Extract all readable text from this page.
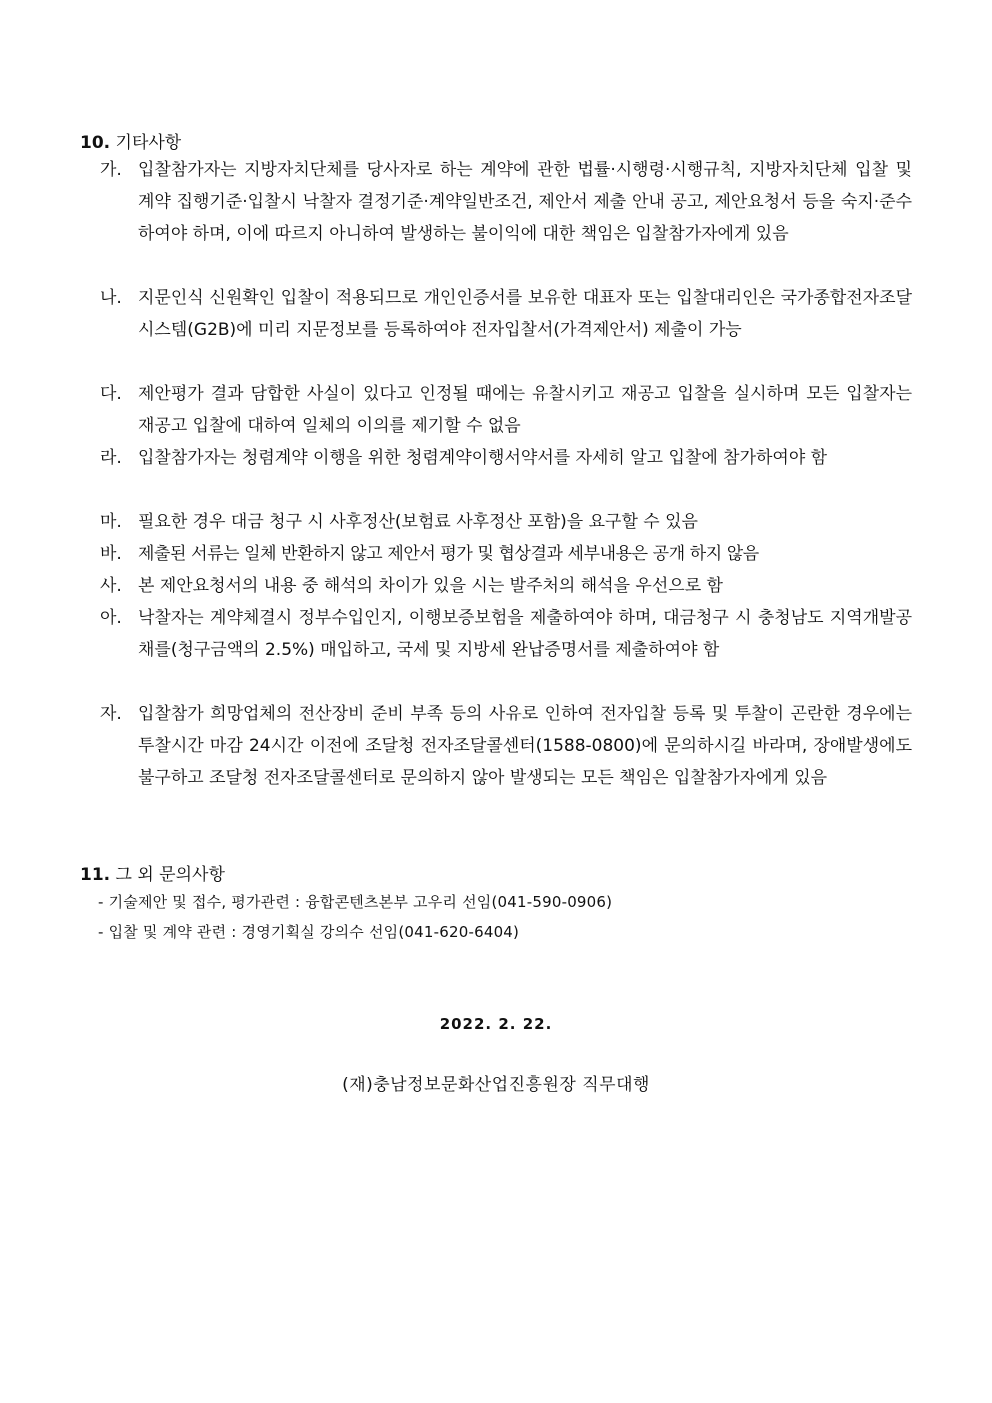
10. 기타사항
가. 입찰참가자는 지방자치단체를 당사자로 하는 계약에 관한 법률·시행령·시행규칙, 지방자치단체 입찰 및 계약 집행기준·입찰시 낙찰자 결정기준·계약일반조건, 제안서 제출 안내 공고, 제안요청서 등을 숙지·준수하여야 하며, 이에 따르지 아니하여 발생하는 불이익에 대한 책임은 입찰참가자에게 있음
나. 지문인식 신원확인 입찰이 적용되므로 개인인증서를 보유한 대표자 또는 입찰대리인은 국가종합전자조달시스템(G2B)에 미리 지문정보를 등록하여야 전자입찰서(가격제안서) 제출이 가능
다. 제안평가 결과 담합한 사실이 있다고 인정될 때에는 유찰시키고 재공고 입찰을 실시하며 모든 입찰자는 재공고 입찰에 대하여 일체의 이의를 제기할 수 없음
라. 입찰참가자는 청렴계약 이행을 위한 청렴계약이행서약서를 자세히 알고 입찰에 참가하여야 함
마. 필요한 경우 대금 청구 시 사후정산(보험료 사후정산 포함)을 요구할 수 있음
바. 제출된 서류는 일체 반환하지 않고 제안서 평가 및 협상결과 세부내용은 공개 하지 않음
사. 본 제안요청서의 내용 중 해석의 차이가 있을 시는 발주처의 해석을 우선으로 함
아. 낙찰자는 계약체결시 정부수입인지, 이행보증보험을 제출하여야 하며, 대금청구 시 충청남도 지역개발공채를(청구금액의 2.5%) 매입하고, 국세 및 지방세 완납증명서를 제출하여야 함
자. 입찰참가 희망업체의 전산장비 준비 부족 등의 사유로 인하여 전자입찰 등록 및 투찰이 곤란한 경우에는 투찰시간 마감 24시간 이전에 조달청 전자조달콜센터(1588-0800)에 문의하시길 바라며, 장애발생에도 불구하고 조달청 전자조달콜센터로 문의하지 않아 발생되는 모든 책임은 입찰참가자에게 있음
11. 그 외 문의사항
- 기술제안 및 접수, 평가관련 : 융합콘텐츠본부 고우리 선임(041-590-0906)
- 입찰 및 계약 관련 : 경영기획실 강의수 선임(041-620-6404)
2022. 2. 22.
(재)충남정보문화산업진흥원장 직무대행
